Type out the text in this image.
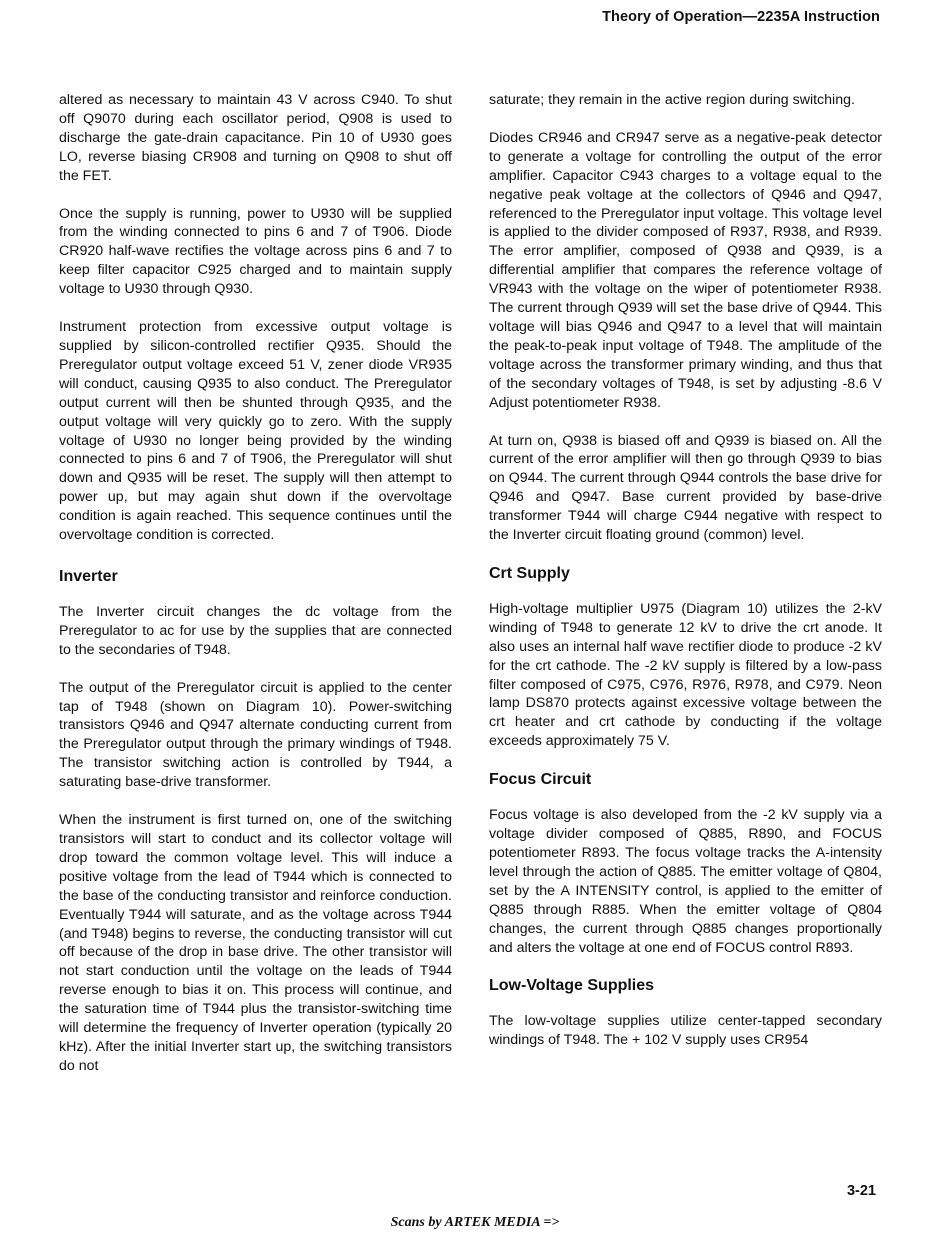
Theory of Operation—2235A Instruction

altered as necessary to maintain 43 V across C940. To shut off Q9070 during each oscillator period, Q908 is used to discharge the gate-drain capacitance. Pin 10 of U930 goes LO, reverse biasing CR908 and turning on Q908 to shut off the FET.

Once the supply is running, power to U930 will be supplied from the winding connected to pins 6 and 7 of T906. Diode CR920 half-wave rectifies the voltage across pins 6 and 7 to keep filter capacitor C925 charged and to maintain supply voltage to U930 through Q930.

Instrument protection from excessive output voltage is supplied by silicon-controlled rectifier Q935. Should the Preregulator output voltage exceed 51 V, zener diode VR935 will conduct, causing Q935 to also conduct. The Preregulator output current will then be shunted through Q935, and the output voltage will very quickly go to zero. With the supply voltage of U930 no longer being provided by the winding connected to pins 6 and 7 of T906, the Preregulator will shut down and Q935 will be reset. The supply will then attempt to power up, but may again shut down if the overvoltage condition is again reached. This sequence continues until the overvoltage condition is corrected.

Inverter

The Inverter circuit changes the dc voltage from the Preregulator to ac for use by the supplies that are connected to the secondaries of T948.

The output of the Preregulator circuit is applied to the center tap of T948 (shown on Diagram 10). Power-switching transistors Q946 and Q947 alternate conducting current from the Preregulator output through the primary windings of T948. The transistor switching action is controlled by T944, a saturating base-drive transformer.

When the instrument is first turned on, one of the switching transistors will start to conduct and its collector voltage will drop toward the common voltage level. This will induce a positive voltage from the lead of T944 which is connected to the base of the conducting transistor and reinforce conduction. Eventually T944 will saturate, and as the voltage across T944 (and T948) begins to reverse, the conducting transistor will cut off because of the drop in base drive. The other transistor will not start conduction until the voltage on the leads of T944 reverse enough to bias it on. This process will continue, and the saturation time of T944 plus the transistor-switching time will determine the frequency of Inverter operation (typically 20 kHz). After the initial Inverter start up, the switching transistors do not

saturate; they remain in the active region during switching.

Diodes CR946 and CR947 serve as a negative-peak detector to generate a voltage for controlling the output of the error amplifier. Capacitor C943 charges to a voltage equal to the negative peak voltage at the collectors of Q946 and Q947, referenced to the Preregulator input voltage. This voltage level is applied to the divider composed of R937, R938, and R939. The error amplifier, composed of Q938 and Q939, is a differential amplifier that compares the reference voltage of VR943 with the voltage on the wiper of potentiometer R938. The current through Q939 will set the base drive of Q944. This voltage will bias Q946 and Q947 to a level that will maintain the peak-to-peak input voltage of T948. The amplitude of the voltage across the transformer primary winding, and thus that of the secondary voltages of T948, is set by adjusting -8.6 V Adjust potentiometer R938.

At turn on, Q938 is biased off and Q939 is biased on. All the current of the error amplifier will then go through Q939 to bias on Q944. The current through Q944 controls the base drive for Q946 and Q947. Base current provided by base-drive transformer T944 will charge C944 negative with respect to the Inverter circuit floating ground (common) level.

Crt Supply

High-voltage multiplier U975 (Diagram 10) utilizes the 2-kV winding of T948 to generate 12 kV to drive the crt anode. It also uses an internal half wave rectifier diode to produce -2 kV for the crt cathode. The -2 kV supply is filtered by a low-pass filter composed of C975, C976, R976, R978, and C979. Neon lamp DS870 protects against excessive voltage between the crt heater and crt cathode by conducting if the voltage exceeds approximately 75 V.

Focus Circuit

Focus voltage is also developed from the -2 kV supply via a voltage divider composed of Q885, R890, and FOCUS potentiometer R893. The focus voltage tracks the A-intensity level through the action of Q885. The emitter voltage of Q804, set by the A INTENSITY control, is applied to the emitter of Q885 through R885. When the emitter voltage of Q804 changes, the current through Q885 changes proportionally and alters the voltage at one end of FOCUS control R893.

Low-Voltage Supplies

The low-voltage supplies utilize center-tapped secondary windings of T948. The + 102 V supply uses CR954

3-21
Scans by ARTEK MEDIA =>
